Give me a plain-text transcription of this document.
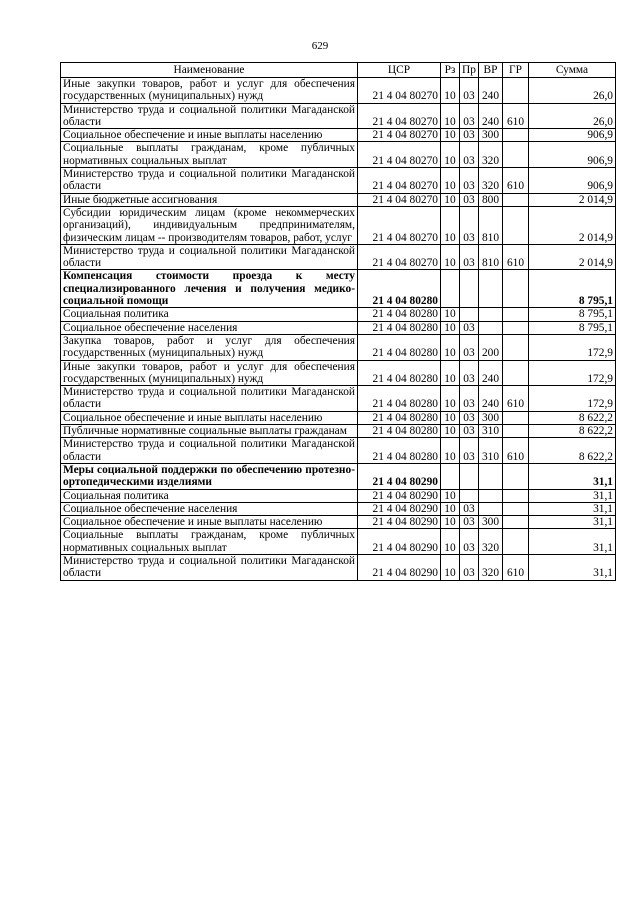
629
Наименование	ЦСР	Рз	Пр	ВР	ГР	Сумма
Иные закупки товаров, работ и услуг для обеспечения государственных (муниципальных) нужд	21 4 04 80270	10	03	240		26,0
Министерство труда и социальной политики Магаданской области	21 4 04 80270	10	03	240	610	26,0
Социальное обеспечение и иные выплаты населению	21 4 04 80270	10	03	300		906,9
Социальные выплаты гражданам, кроме публичных нормативных социальных выплат	21 4 04 80270	10	03	320		906,9
Министерство труда и социальной политики Магаданской области	21 4 04 80270	10	03	320	610	906,9
Иные бюджетные ассигнования	21 4 04 80270	10	03	800		2 014,9
Субсидии юридическим лицам (кроме некоммерческих организаций), индивидуальным предпринимателям, физическим лицам -- производителям товаров, работ, услуг	21 4 04 80270	10	03	810		2 014,9
Министерство труда и социальной политики Магаданской области	21 4 04 80270	10	03	810	610	2 014,9
Компенсация стоимости проезда к месту специализированного лечения и получения медико-социальной помощи	21 4 04 80280					8 795,1
Социальная политика	21 4 04 80280	10				8 795,1
Социальное обеспечение населения	21 4 04 80280	10	03			8 795,1
Закупка товаров, работ и услуг для обеспечения государственных (муниципальных) нужд	21 4 04 80280	10	03	200		172,9
Иные закупки товаров, работ и услуг для обеспечения государственных (муниципальных) нужд	21 4 04 80280	10	03	240		172,9
Министерство труда и социальной политики Магаданской области	21 4 04 80280	10	03	240	610	172,9
Социальное обеспечение и иные выплаты населению	21 4 04 80280	10	03	300		8 622,2
Публичные нормативные социальные выплаты гражданам	21 4 04 80280	10	03	310		8 622,2
Министерство труда и социальной политики Магаданской области	21 4 04 80280	10	03	310	610	8 622,2
Меры социальной поддержки по обеспечению протезно-ортопедическими изделиями	21 4 04 80290					31,1
Социальная политика	21 4 04 80290	10				31,1
Социальное обеспечение населения	21 4 04 80290	10	03			31,1
Социальное обеспечение и иные выплаты населению	21 4 04 80290	10	03	300		31,1
Социальные выплаты гражданам, кроме публичных нормативных социальных выплат	21 4 04 80290	10	03	320		31,1
Министерство труда и социальной политики Магаданской области	21 4 04 80290	10	03	320	610	31,1
